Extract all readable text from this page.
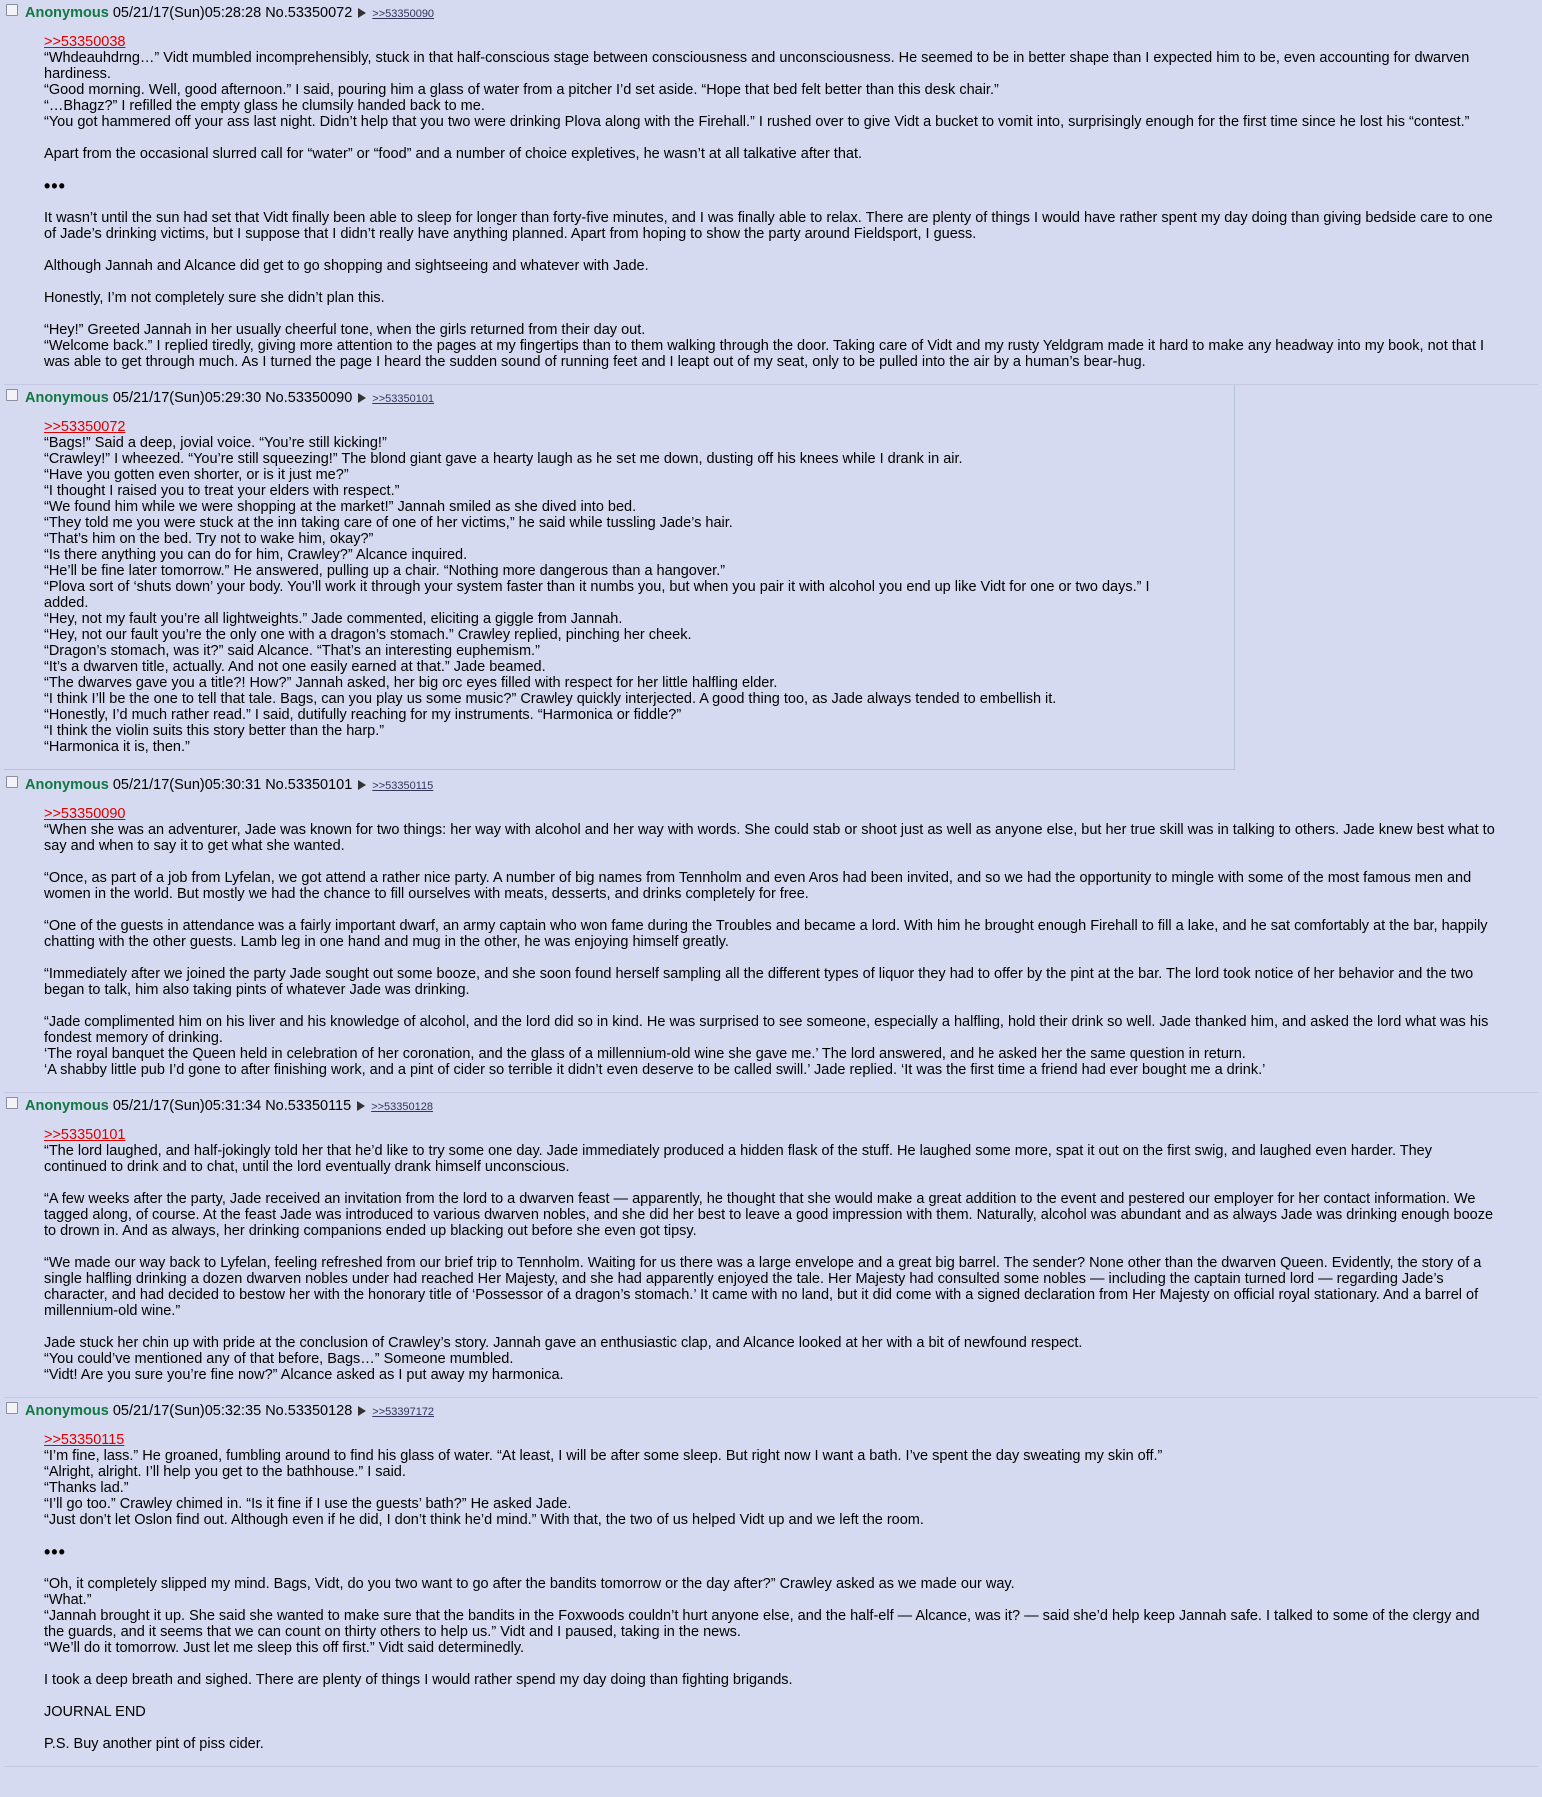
Anonymous 05/21/17(Sun)05:28:28 No.53350072 >>53350090
>>53350038

“Whdeauhdrng…” Vidt mumbled incomprehensibly, stuck in that half-conscious stage between consciousness and unconsciousness. He seemed to be in better shape than I expected him to be, even accounting for dwarven hardiness.

“Good morning. Well, good afternoon.” I said, pouring him a glass of water from a pitcher I’d set aside. “Hope that bed felt better than this desk chair.”

“…Bhagz?” I refilled the empty glass he clumsily handed back to me.

“You got hammered off your ass last night. Didn’t help that you two were drinking Plova along with the Firehall.” I rushed over to give Vidt a bucket to vomit into, surprisingly enough for the first time since he lost his “contest.”

Apart from the occasional slurred call for “water” or “food” and a number of choice expletives, he wasn’t at all talkative after that.

•••

It wasn’t until the sun had set that Vidt finally been able to sleep for longer than forty-five minutes, and I was finally able to relax. There are plenty of things I would have rather spent my day doing than giving bedside care to one of Jade’s drinking victims, but I suppose that I didn’t really have anything planned. Apart from hoping to show the party around Fieldsport, I guess.

Although Jannah and Alcance did get to go shopping and sightseeing and whatever with Jade.

Honestly, I’m not completely sure she didn’t plan this.

“Hey!” Greeted Jannah in her usually cheerful tone, when the girls returned from their day out.

“Welcome back.” I replied tiredly, giving more attention to the pages at my fingertips than to them walking through the door. Taking care of Vidt and my rusty Yeldgram made it hard to make any headway into my book, not that I was able to get through much. As I turned the page I heard the sudden sound of running feet and I leapt out of my seat, only to be pulled into the air by a human’s bear-hug.

Anonymous 05/21/17(Sun)05:29:30 No.53350090 >>53350101
>>53350072

“Bags!” Said a deep, jovial voice. “You’re still kicking!”

“Crawley!” I wheezed. “You’re still squeezing!” The blond giant gave a hearty laugh as he set me down, dusting off his knees while I drank in air.

“Have you gotten even shorter, or is it just me?”

“I thought I raised you to treat your elders with respect.”

“We found him while we were shopping at the market!” Jannah smiled as she dived into bed.

“They told me you were stuck at the inn taking care of one of her victims,” he said while tussling Jade’s hair.

“That’s him on the bed. Try not to wake him, okay?”

“Is there anything you can do for him, Crawley?” Alcance inquired.

“He’ll be fine later tomorrow.” He answered, pulling up a chair. “Nothing more dangerous than a hangover.”

“Plova sort of ‘shuts down’ your body. You’ll work it through your system faster than it numbs you, but when you pair it with alcohol you end up like Vidt for one or two days.” I added.

“Hey, not my fault you’re all lightweights.” Jade commented, eliciting a giggle from Jannah.

“Hey, not our fault you’re the only one with a dragon’s stomach.” Crawley replied, pinching her cheek.

“Dragon’s stomach, was it?” said Alcance. “That’s an interesting euphemism.”

“It’s a dwarven title, actually. And not one easily earned at that.” Jade beamed.

“The dwarves gave you a title?! How?” Jannah asked, her big orc eyes filled with respect for her little halfling elder.

“I think I’ll be the one to tell that tale. Bags, can you play us some music?” Crawley quickly interjected. A good thing too, as Jade always tended to embellish it.

“Honestly, I’d much rather read.” I said, dutifully reaching for my instruments. “Harmonica or fiddle?”

“I think the violin suits this story better than the harp.”

“Harmonica it is, then.”

Anonymous 05/21/17(Sun)05:30:31 No.53350101 >>53350115
>>53350090

“When she was an adventurer, Jade was known for two things: her way with alcohol and her way with words. She could stab or shoot just as well as anyone else, but her true skill was in talking to others. Jade knew best what to say and when to say it to get what she wanted.

“Once, as part of a job from Lyfelan, we got attend a rather nice party. A number of big names from Tennholm and even Aros had been invited, and so we had the opportunity to mingle with some of the most famous men and women in the world. But mostly we had the chance to fill ourselves with meats, desserts, and drinks completely for free.

“One of the guests in attendance was a fairly important dwarf, an army captain who won fame during the Troubles and became a lord. With him he brought enough Firehall to fill a lake, and he sat comfortably at the bar, happily chatting with the other guests. Lamb leg in one hand and mug in the other, he was enjoying himself greatly.

“Immediately after we joined the party Jade sought out some booze, and she soon found herself sampling all the different types of liquor they had to offer by the pint at the bar. The lord took notice of her behavior and the two began to talk, him also taking pints of whatever Jade was drinking.

“Jade complimented him on his liver and his knowledge of alcohol, and the lord did so in kind. He was surprised to see someone, especially a halfling, hold their drink so well. Jade thanked him, and asked the lord what was his fondest memory of drinking.

‘The royal banquet the Queen held in celebration of her coronation, and the glass of a millennium-old wine she gave me.’ The lord answered, and he asked her the same question in return.

‘A shabby little pub I’d gone to after finishing work, and a pint of cider so terrible it didn’t even deserve to be called swill.’ Jade replied. ‘It was the first time a friend had ever bought me a drink.’

Anonymous 05/21/17(Sun)05:31:34 No.53350115 >>53350128
>>53350101

“The lord laughed, and half-jokingly told her that he’d like to try some one day. Jade immediately produced a hidden flask of the stuff. He laughed some more, spat it out on the first swig, and laughed even harder. They continued to drink and to chat, until the lord eventually drank himself unconscious.

“A few weeks after the party, Jade received an invitation from the lord to a dwarven feast — apparently, he thought that she would make a great addition to the event and pestered our employer for her contact information. We tagged along, of course. At the feast Jade was introduced to various dwarven nobles, and she did her best to leave a good impression with them. Naturally, alcohol was abundant and as always Jade was drinking enough booze to drown in. And as always, her drinking companions ended up blacking out before she even got tipsy.

“We made our way back to Lyfelan, feeling refreshed from our brief trip to Tennholm. Waiting for us there was a large envelope and a great big barrel. The sender? None other than the dwarven Queen. Evidently, the story of a single halfling drinking a dozen dwarven nobles under had reached Her Majesty, and she had apparently enjoyed the tale. Her Majesty had consulted some nobles — including the captain turned lord — regarding Jade’s character, and had decided to bestow her with the honorary title of ‘Possessor of a dragon’s stomach.’ It came with no land, but it did come with a signed declaration from Her Majesty on official royal stationary. And a barrel of millennium-old wine.”

Jade stuck her chin up with pride at the conclusion of Crawley’s story. Jannah gave an enthusiastic clap, and Alcance looked at her with a bit of newfound respect.

“You could’ve mentioned any of that before, Bags…” Someone mumbled.

“Vidt! Are you sure you’re fine now?” Alcance asked as I put away my harmonica.

Anonymous 05/21/17(Sun)05:32:35 No.53350128 >>53397172
>>53350115

“I’m fine, lass.” He groaned, fumbling around to find his glass of water. “At least, I will be after some sleep. But right now I want a bath. I’ve spent the day sweating my skin off.”

“Alright, alright. I’ll help you get to the bathhouse.” I said.

“Thanks lad.”

“I’ll go too.” Crawley chimed in. “Is it fine if I use the guests’ bath?” He asked Jade.

“Just don’t let Oslon find out. Although even if he did, I don’t think he’d mind.” With that, the two of us helped Vidt up and we left the room.

•••

“Oh, it completely slipped my mind. Bags, Vidt, do you two want to go after the bandits tomorrow or the day after?” Crawley asked as we made our way.

“What.”

“Jannah brought it up. She said she wanted to make sure that the bandits in the Foxwoods couldn’t hurt anyone else, and the half-elf — Alcance, was it? — said she’d help keep Jannah safe. I talked to some of the clergy and the guards, and it seems that we can count on thirty others to help us.” Vidt and I paused, taking in the news.

“We’ll do it tomorrow. Just let me sleep this off first.” Vidt said determinedly.

I took a deep breath and sighed. There are plenty of things I would rather spend my day doing than fighting brigands.

JOURNAL END

P.S. Buy another pint of piss cider.
